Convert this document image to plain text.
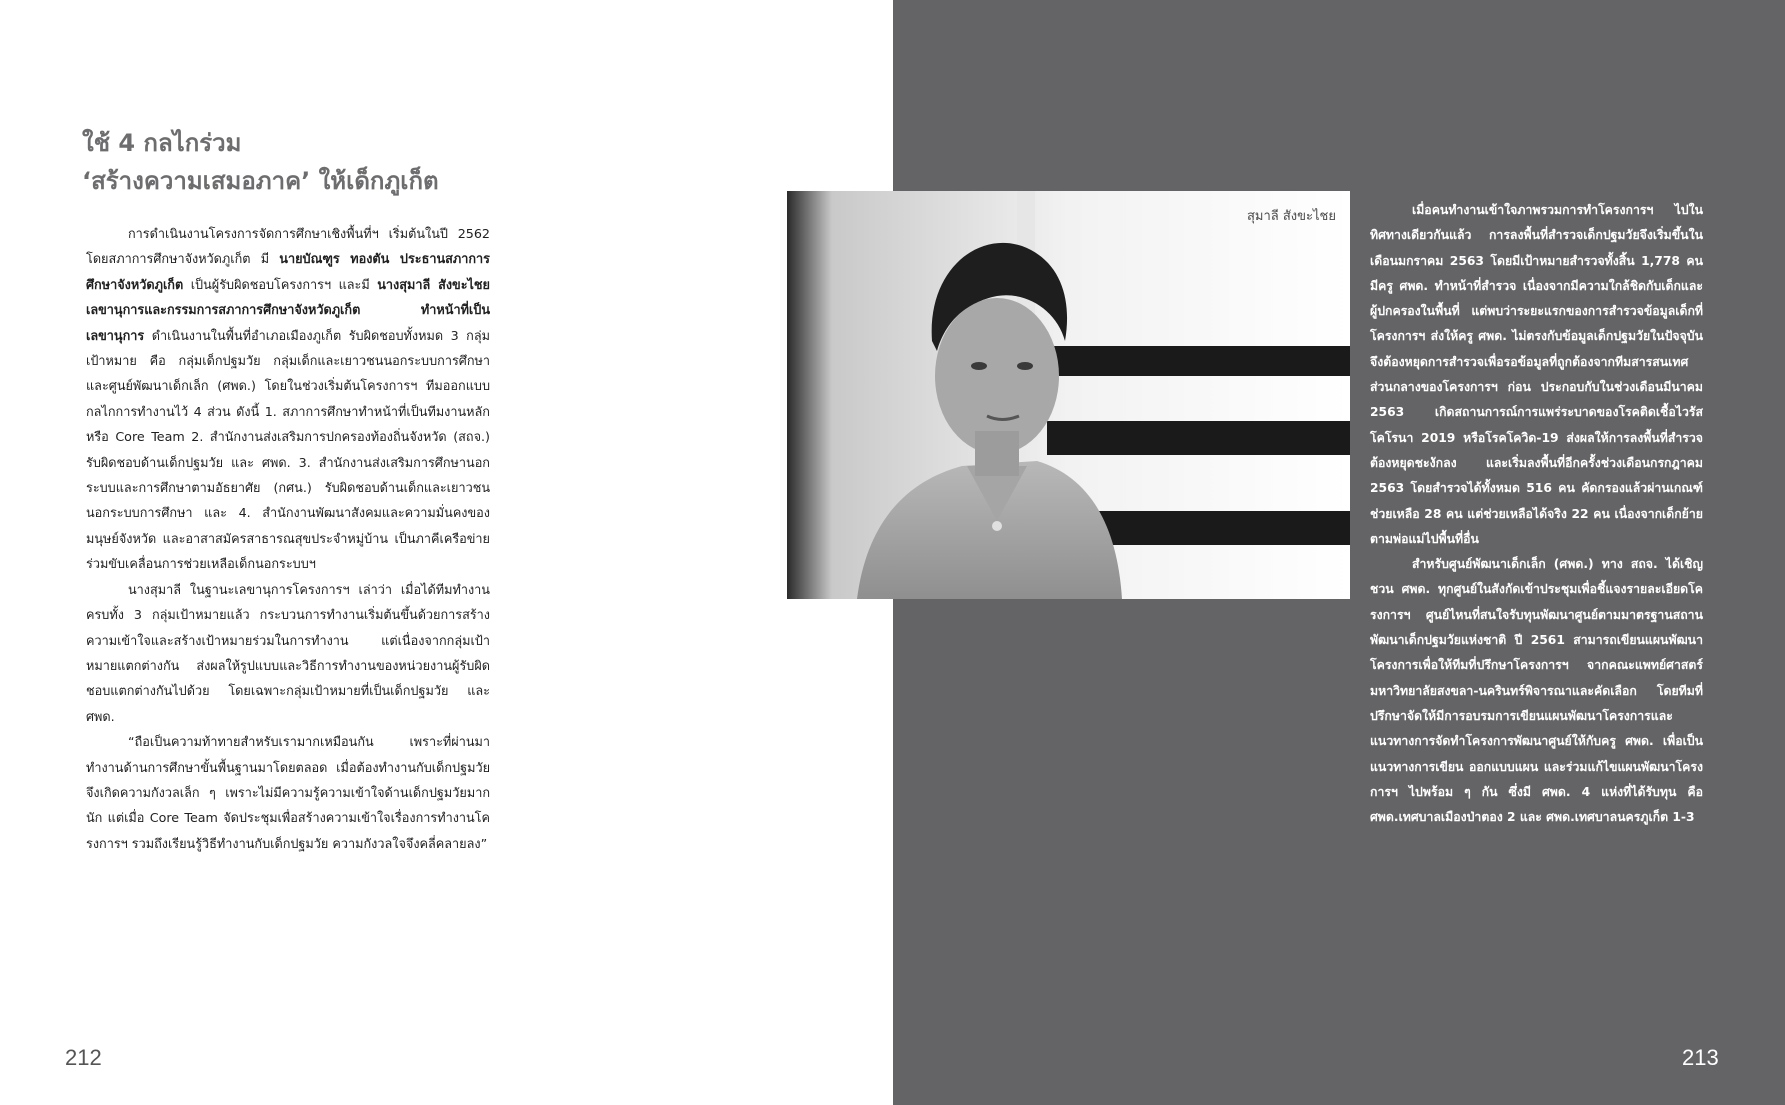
ใช้ 4 กลไกร่วม
‘สร้างความเสมอภาค’ ให้เด็กภูเก็ต

การดำเนินงานโครงการจัดการศึกษาเชิงพื้นที่ฯ เริ่มต้นในปี 2562 โดยสภาการศึกษาจังหวัดภูเก็ต มี นายบัณฑูร ทองตัน ประธานสภาการศึกษาจังหวัดภูเก็ต เป็นผู้รับผิดชอบโครงการฯ และมี นางสุมาลี สังขะไชย เลขานุการและกรรมการสภาการศึกษาจังหวัดภูเก็ต ทำหน้าที่เป็นเลขานุการ ดำเนินงานในพื้นที่อำเภอเมืองภูเก็ต รับผิดชอบทั้งหมด 3 กลุ่มเป้าหมาย คือ กลุ่มเด็กปฐมวัย กลุ่มเด็กและเยาวชนนอกระบบการศึกษา และศูนย์พัฒนาเด็กเล็ก (ศพด.) โดยในช่วงเริ่มต้นโครงการฯ ทีมออกแบบกลไกการทำงานไว้ 4 ส่วน ดังนี้ 1. สภาการศึกษาทำหน้าที่เป็นทีมงานหลัก หรือ Core Team 2. สำนักงานส่งเสริมการปกครองท้องถิ่นจังหวัด (สถจ.) รับผิดชอบด้านเด็กปฐมวัย และ ศพด. 3. สำนักงานส่งเสริมการศึกษานอกระบบและการศึกษาตามอัธยาศัย (กศน.) รับผิดชอบด้านเด็กและเยาวชนนอกระบบการศึกษา และ 4. สำนักงานพัฒนาสังคมและความมั่นคงของมนุษย์จังหวัด และอาสาสมัครสาธารณสุขประจำหมู่บ้าน เป็นภาคีเครือข่ายร่วมขับเคลื่อนการช่วยเหลือเด็กนอกระบบฯ

นางสุมาลี ในฐานะเลขานุการโครงการฯ เล่าว่า เมื่อได้ทีมทำงานครบทั้ง 3 กลุ่มเป้าหมายแล้ว กระบวนการทำงานเริ่มต้นขึ้นด้วยการสร้างความเข้าใจและสร้างเป้าหมายร่วมในการทำงาน แต่เนื่องจากกลุ่มเป้าหมายแตกต่างกัน ส่งผลให้รูปแบบและวิธีการทำงานของหน่วยงานผู้รับผิดชอบแตกต่างกันไปด้วย โดยเฉพาะกลุ่มเป้าหมายที่เป็นเด็กปฐมวัย และ ศพด.

“ถือเป็นความท้าทายสำหรับเรามากเหมือนกัน เพราะที่ผ่านมาทำงานด้านการศึกษาขั้นพื้นฐานมาโดยตลอด เมื่อต้องทำงานกับเด็กปฐมวัย จึงเกิดความกังวลเล็ก ๆ เพราะไม่มีความรู้ความเข้าใจด้านเด็กปฐมวัยมากนัก แต่เมื่อ Core Team จัดประชุมเพื่อสร้างความเข้าใจเรื่องการทำงานโครงการฯ รวมถึงเรียนรู้วิธีทำงานกับเด็กปฐมวัย ความกังวลใจจึงคลี่คลายลง”

สุมาลี สังขะไชย	เมื่อคนทำงานเข้าใจภาพรวมการทำโครงการฯ ไปในทิศทางเดียวกันแล้ว การลงพื้นที่สำรวจเด็กปฐมวัยจึงเริ่มขึ้นในเดือนมกราคม 2563 โดยมีเป้าหมายสำรวจทั้งสิ้น 1,778 คน มีครู ศพด. ทำหน้าที่สำรวจ เนื่องจากมีความใกล้ชิดกับเด็กและผู้ปกครองในพื้นที่ แต่พบว่าระยะแรกของการสำรวจข้อมูลเด็กที่โครงการฯ ส่งให้ครู ศพด. ไม่ตรงกับข้อมูลเด็กปฐมวัยในปัจจุบัน จึงต้องหยุดการสำรวจเพื่อรอข้อมูลที่ถูกต้องจากทีมสารสนเทศส่วนกลางของโครงการฯ ก่อน ประกอบกับในช่วงเดือนมีนาคม 2563 เกิดสถานการณ์การแพร่ระบาดของโรคติดเชื้อไวรัสโคโรนา 2019 หรือโรคโควิด-19 ส่งผลให้การลงพื้นที่สำรวจต้องหยุดชะงักลง และเริ่มลงพื้นที่อีกครั้งช่วงเดือนกรกฎาคม 2563 โดยสำรวจได้ทั้งหมด 516 คน คัดกรองแล้วผ่านเกณฑ์ช่วยเหลือ 28 คน แต่ช่วยเหลือได้จริง 22 คน เนื่องจากเด็กย้ายตามพ่อแม่ไปพื้นที่อื่น

สำหรับศูนย์พัฒนาเด็กเล็ก (ศพด.) ทาง สถจ. ได้เชิญชวน ศพด. ทุกศูนย์ในสังกัดเข้าประชุมเพื่อชี้แจงรายละเอียดโครงการฯ ศูนย์ไหนที่สนใจรับทุนพัฒนาศูนย์ตามมาตรฐานสถานพัฒนาเด็กปฐมวัยแห่งชาติ ปี 2561 สามารถเขียนแผนพัฒนาโครงการเพื่อให้ทีมที่ปรึกษาโครงการฯ จากคณะแพทย์ศาสตร์ มหาวิทยาลัยสงขลา-นครินทร์พิจารณาและคัดเลือก โดยทีมที่ปรึกษาจัดให้มีการอบรมการเขียนแผนพัฒนาโครงการและแนวทางการจัดทำโครงการพัฒนาศูนย์ให้กับครู ศพด. เพื่อเป็นแนวทางการเขียน ออกแบบแผน และร่วมแก้ไขแผนพัฒนาโครงการฯ ไปพร้อม ๆ กัน ซึ่งมี ศพด. 4 แห่งที่ได้รับทุน คือ ศพด.เทศบาลเมืองป่าตอง 2 และ ศพด.เทศบาลนครภูเก็ต 1-3

212	213
